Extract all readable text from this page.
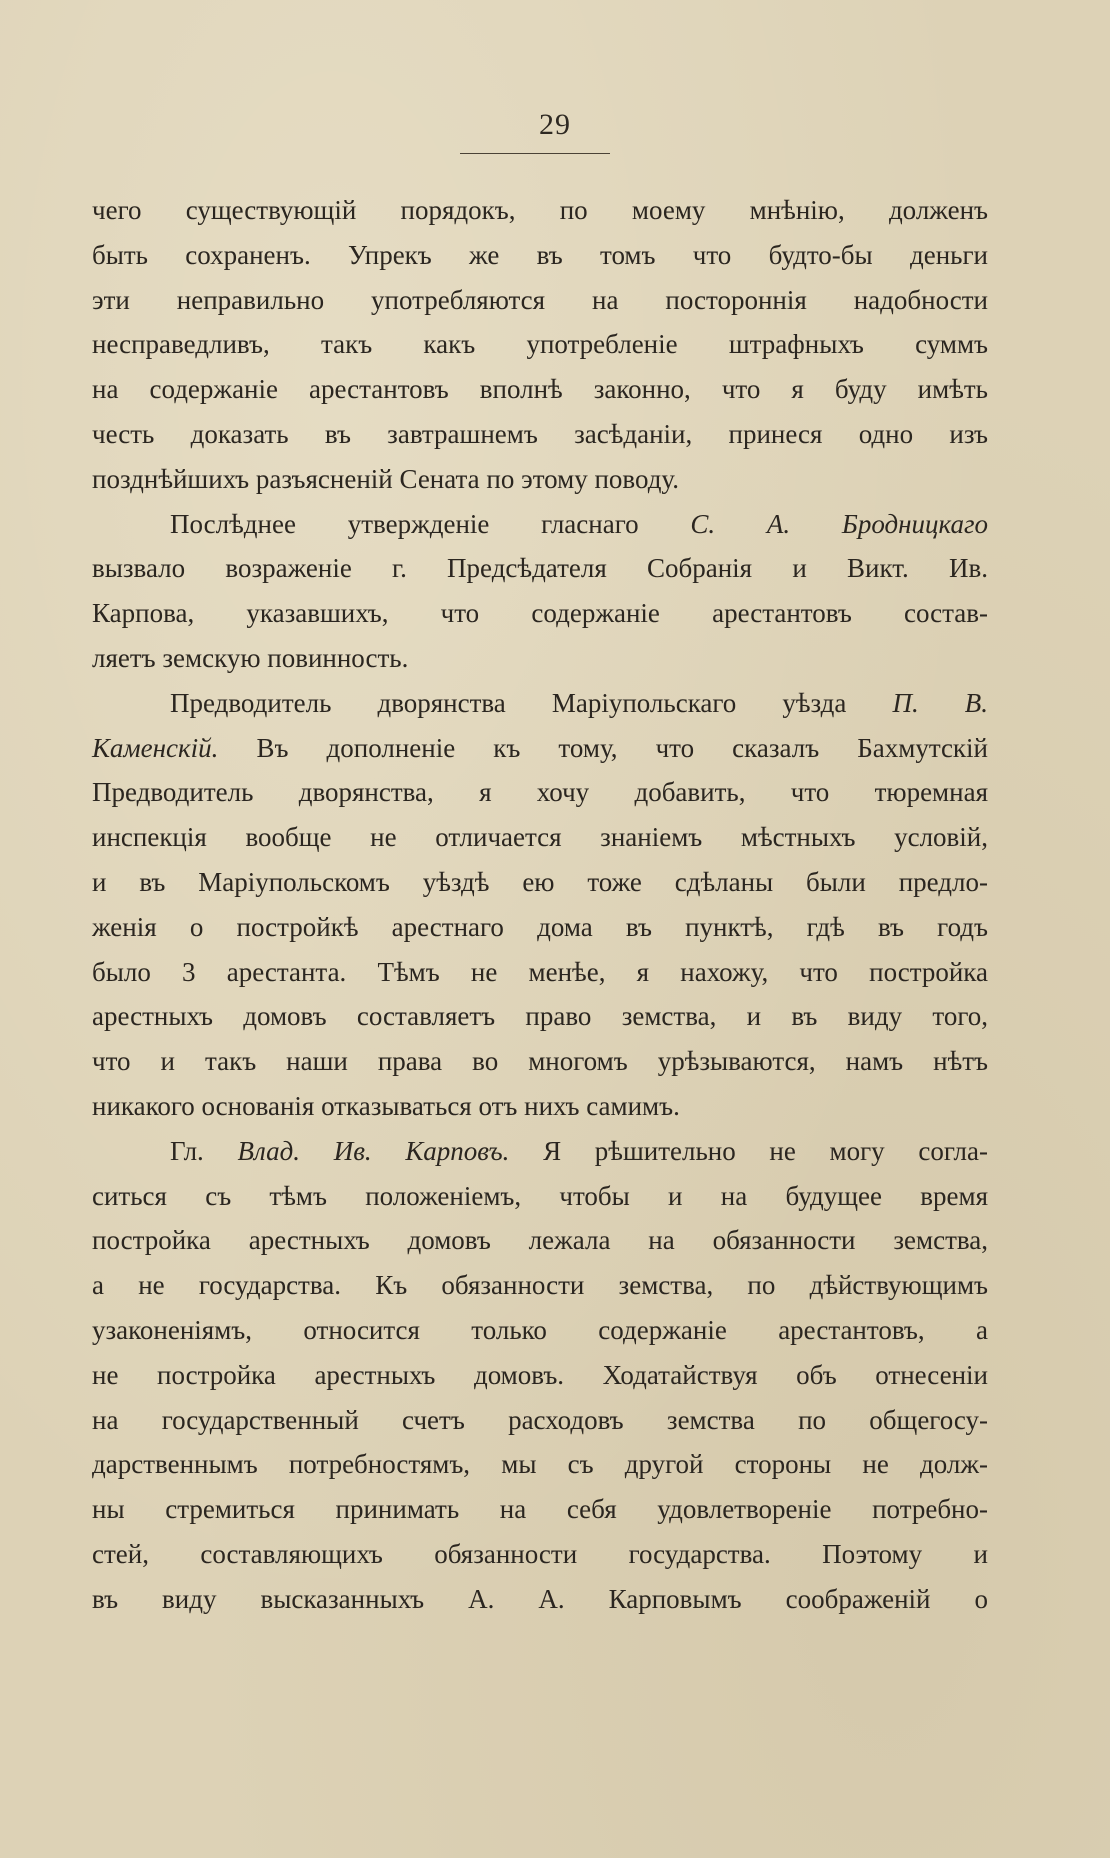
29
чего существующій порядокъ, по моему мнѣнію, долженъ
быть сохраненъ. Упрекъ же въ томъ что будто-бы деньги
эти неправильно употребляются на постороннія надобности
несправедливъ, такъ какъ употребленіе штрафныхъ суммъ
на содержаніе арестантовъ вполнѣ законно, что я буду имѣть
честь доказать въ завтрашнемъ засѣданіи, принеся одно изъ
позднѣйшихъ разъясненій Сената по этому поводу.
Послѣднее утвержденіе гласнаго С. А. Бродницкаго
вызвало возраженіе г. Предсѣдателя Собранія и Викт. Ив.
Карпова, указавшихъ, что содержаніе арестантовъ состав-
ляетъ земскую повинность.
Предводитель дворянства Маріупольскаго уѣзда П. В.
Каменскій. Въ дополненіе къ тому, что сказалъ Бахмутскій
Предводитель дворянства, я хочу добавить, что тюремная
инспекція вообще не отличается знаніемъ мѣстныхъ условій,
и въ Маріупольскомъ уѣздѣ ею тоже сдѣланы были предло-
женія о постройкѣ арестнаго дома въ пунктѣ, гдѣ въ годъ
было 3 арестанта. Тѣмъ не менѣе, я нахожу, что постройка
арестныхъ домовъ составляетъ право земства, и въ виду того,
что и такъ наши права во многомъ урѣзываются, намъ нѣтъ
никакого основанія отказываться отъ нихъ самимъ.
Гл. Влад. Ив. Карповъ. Я рѣшительно не могу согла-
ситься съ тѣмъ положеніемъ, чтобы и на будущее время
постройка арестныхъ домовъ лежала на обязанности земства,
а не государства. Къ обязанности земства, по дѣйствующимъ
узаконеніямъ, относится только содержаніе арестантовъ, а
не постройка арестныхъ домовъ. Ходатайствуя объ отнесеніи
на государственный счетъ расходовъ земства по общегосу-
дарственнымъ потребностямъ, мы съ другой стороны не долж-
ны стремиться принимать на себя удовлетвореніе потребно-
стей, составляющихъ обязанности государства. Поэтому и
въ виду высказанныхъ А. А. Карповымъ соображеній о
